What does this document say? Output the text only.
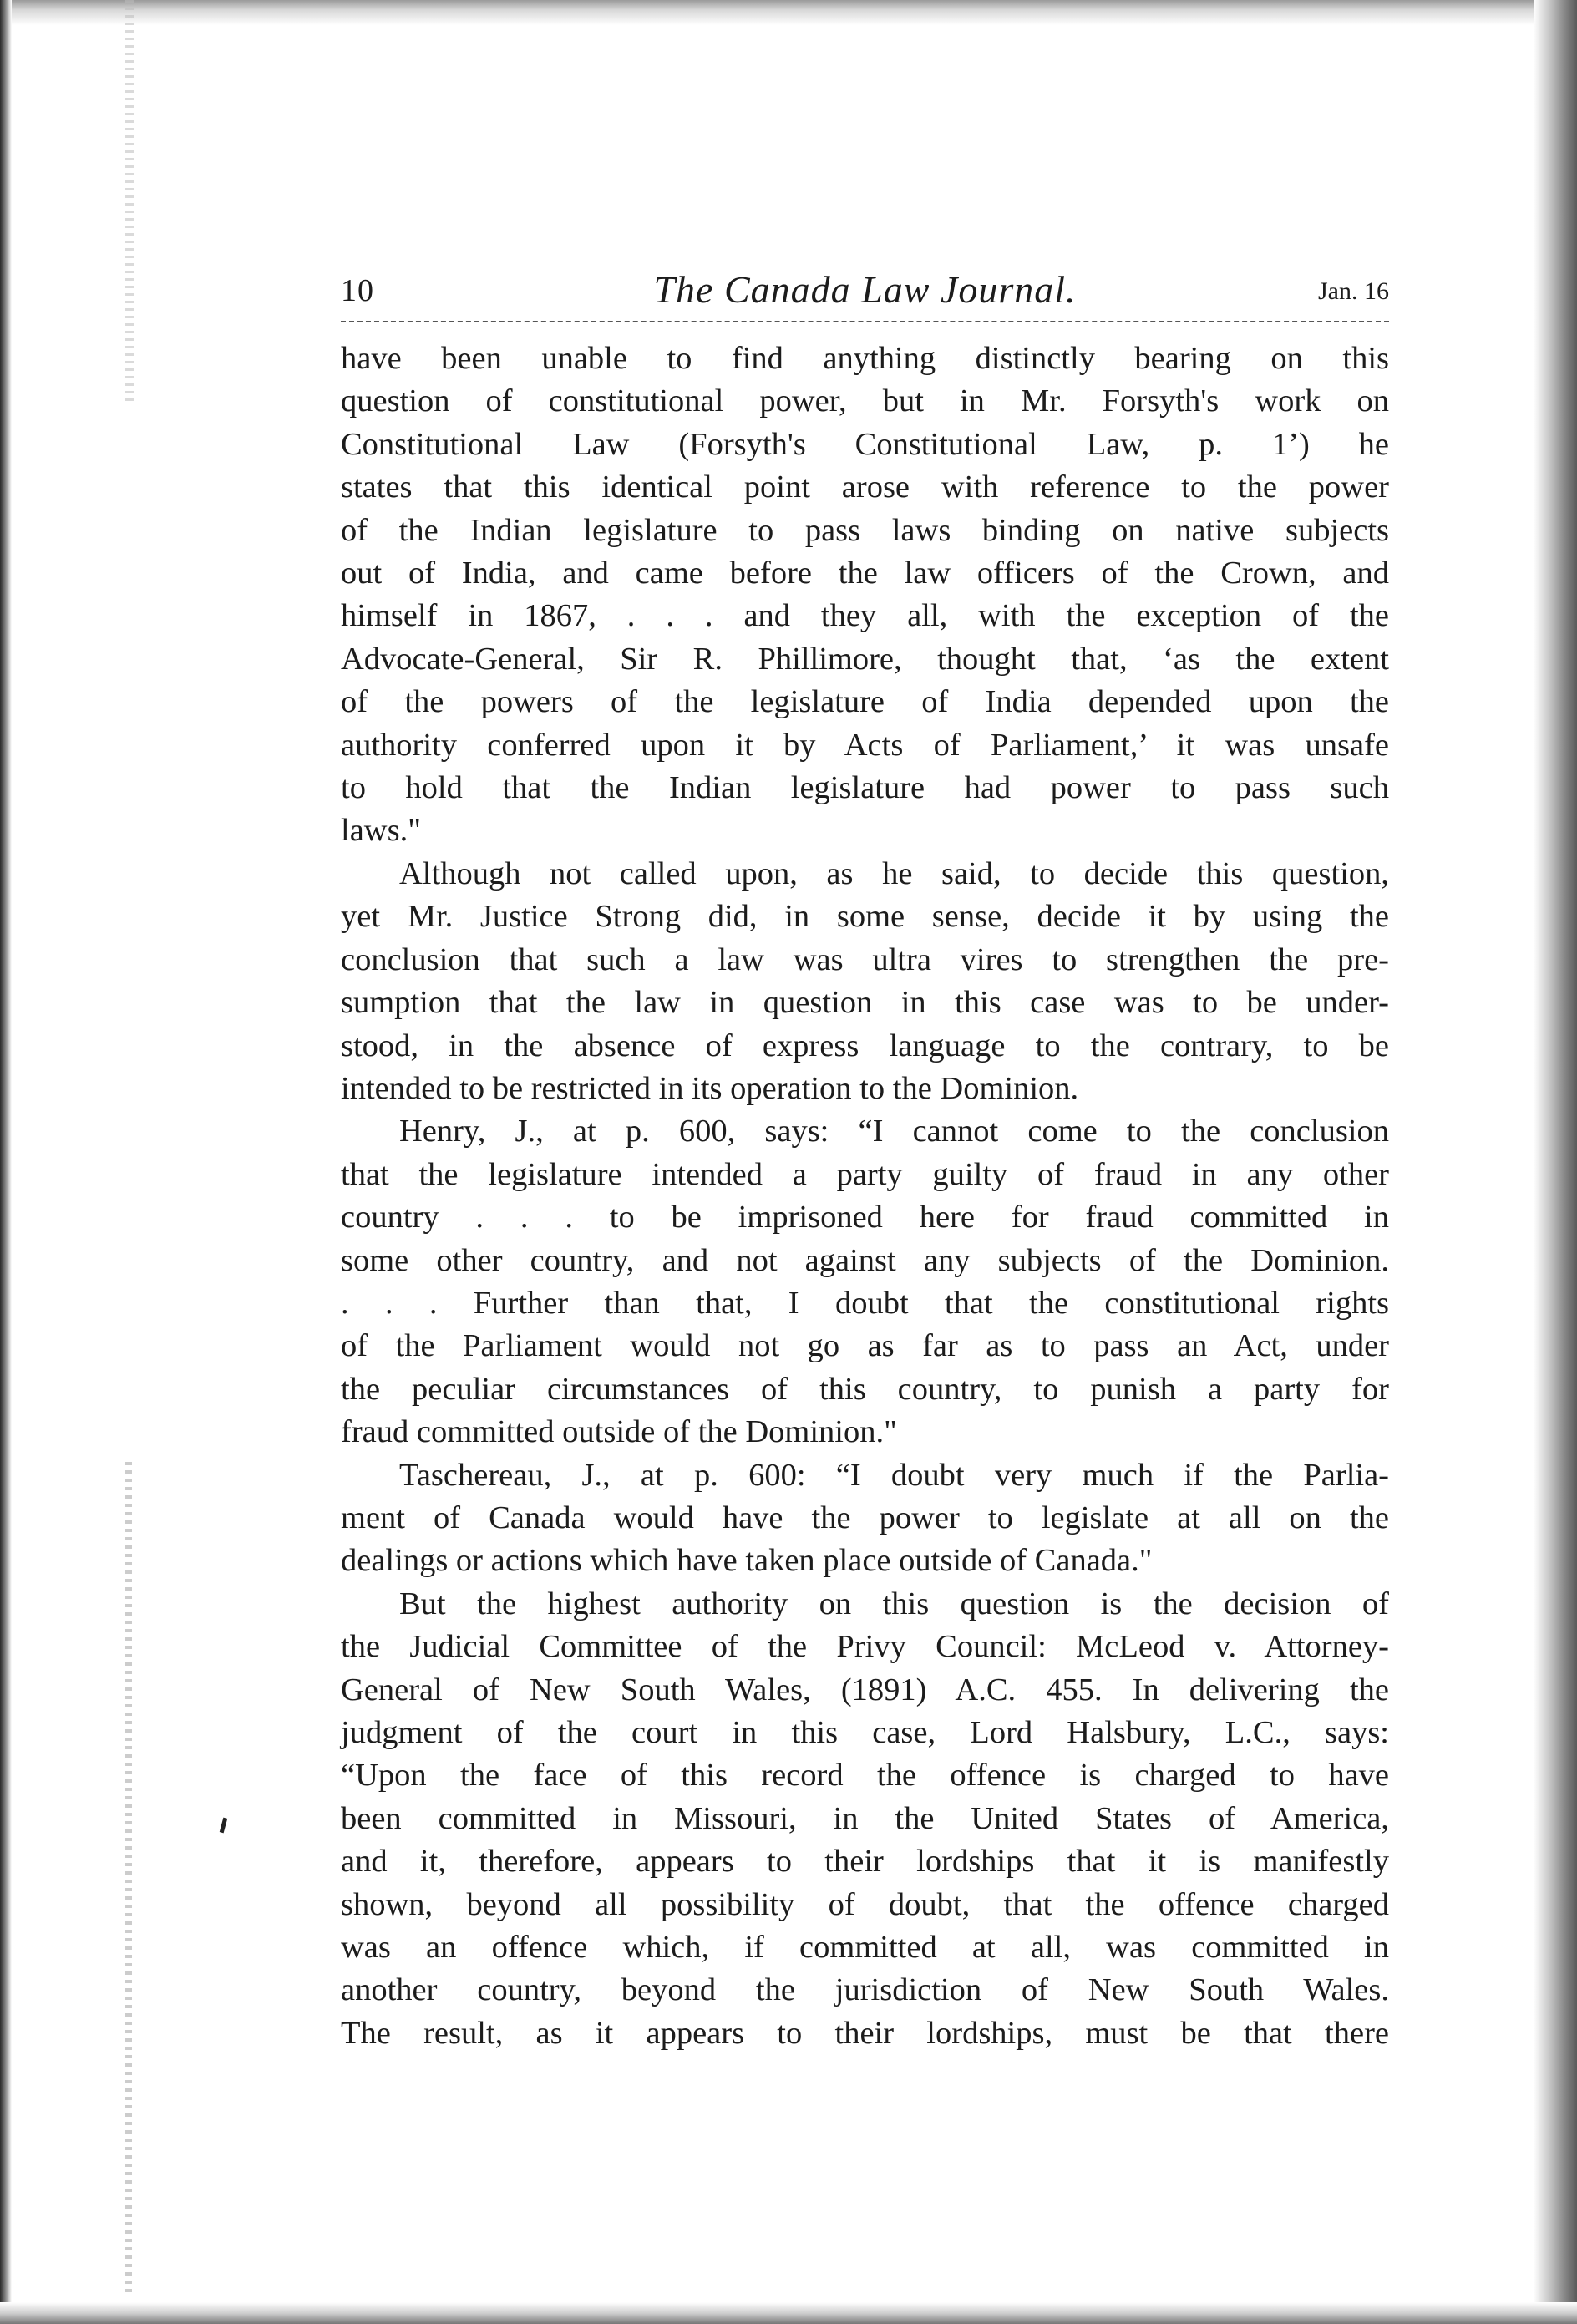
10	The Canada Law Journal.	Jan. 16

have been unable to find anything distinctly bearing on this

question of constitutional power, but in Mr. Forsyth's work on

Constitutional Law (Forsyth's Constitutional Law, p. 1’) he

states that this identical point arose with reference to the power

of the Indian legislature to pass laws binding on native subjects

out of India, and came before the law officers of the Crown, and

himself in 1867, . . . and they all, with the exception of the

Advocate-General, Sir R. Phillimore, thought that, ‘as the extent

of the powers of the legislature of India depended upon the

authority conferred upon it by Acts of Parliament,’ it was unsafe

to hold that the Indian legislature had power to pass such

laws."

Although not called upon, as he said, to decide this question,

yet Mr. Justice Strong did, in some sense, decide it by using the

conclusion that such a law was ultra vires to strengthen the pre-

sumption that the law in question in this case was to be under-

stood, in the absence of express language to the contrary, to be

intended to be restricted in its operation to the Dominion.

Henry, J., at p. 600, says: “I cannot come to the conclusion

that the legislature intended a party guilty of fraud in any other

country . . . to be imprisoned here for fraud committed in

some other country, and not against any subjects of the Dominion.

. . . Further than that, I doubt that the constitutional rights

of the Parliament would not go as far as to pass an Act, under

the peculiar circumstances of this country, to punish a party for

fraud committed outside of the Dominion."

Taschereau, J., at p. 600: “I doubt very much if the Parlia-

ment of Canada would have the power to legislate at all on the

dealings or actions which have taken place outside of Canada."

But the highest authority on this question is the decision of

the Judicial Committee of the Privy Council: McLeod v. Attorney-

General of New South Wales, (1891) A.C. 455. In delivering the

judgment of the court in this case, Lord Halsbury, L.C., says:

“Upon the face of this record the offence is charged to have

been committed in Missouri, in the United States of America,

and it, therefore, appears to their lordships that it is manifestly

shown, beyond all possibility of doubt, that the offence charged

was an offence which, if committed at all, was committed in

another country, beyond the jurisdiction of New South Wales.

The result, as it appears to their lordships, must be that there
